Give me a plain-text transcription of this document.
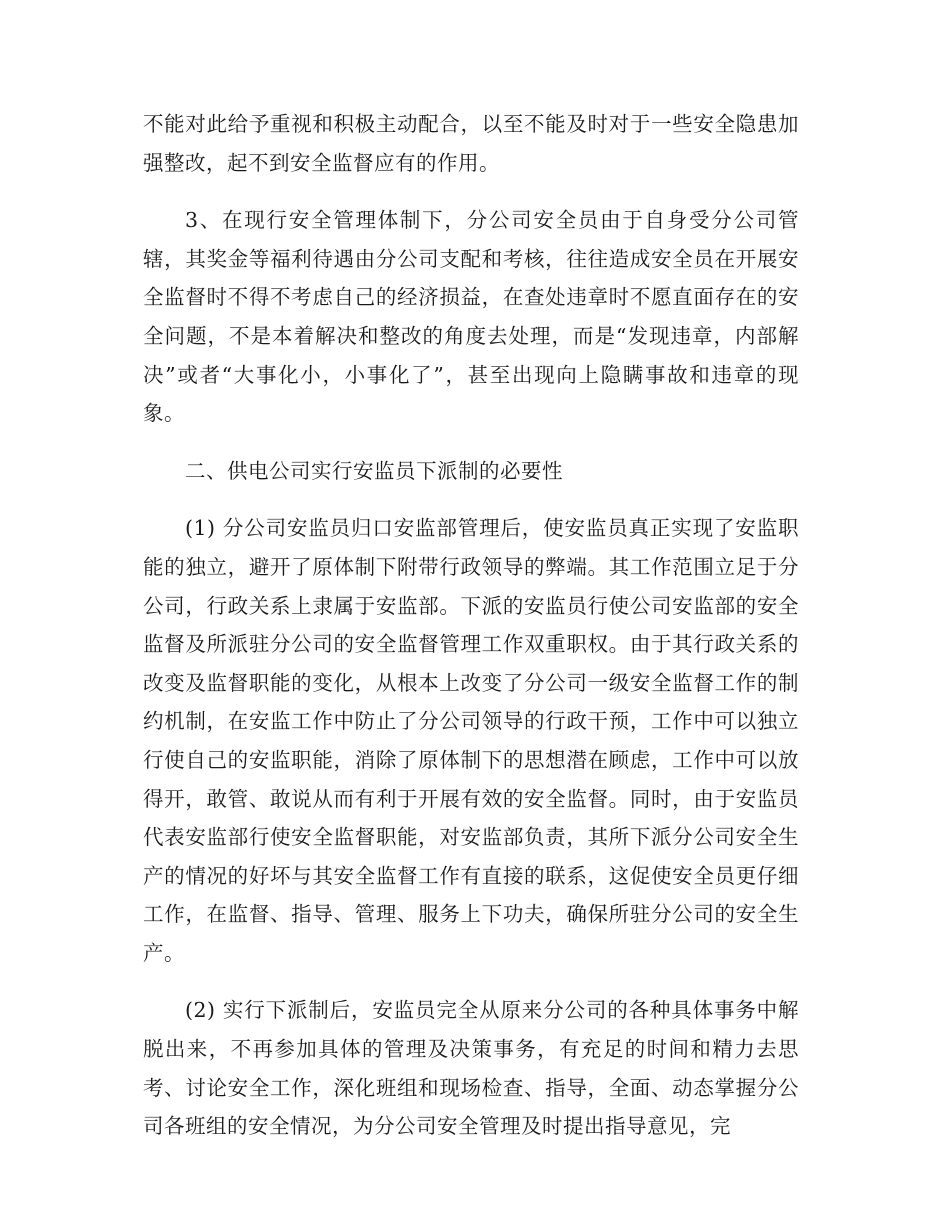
不能对此给予重视和积极主动配合，以至不能及时对于一些安全隐患加强整改，起不到安全监督应有的作用。

3、在现行安全管理体制下，分公司安全员由于自身受分公司管辖，其奖金等福利待遇由分公司支配和考核，往往造成安全员在开展安全监督时不得不考虑自己的经济损益，在查处违章时不愿直面存在的安全问题，不是本着解决和整改的角度去处理，而是“发现违章，内部解决”或者“大事化小，小事化了”，甚至出现向上隐瞒事故和违章的现象。

二、供电公司实行安监员下派制的必要性

(1) 分公司安监员归口安监部管理后，使安监员真正实现了安监职能的独立，避开了原体制下附带行政领导的弊端。其工作范围立足于分公司，行政关系上隶属于安监部。下派的安监员行使公司安监部的安全监督及所派驻分公司的安全监督管理工作双重职权。由于其行政关系的改变及监督职能的变化，从根本上改变了分公司一级安全监督工作的制约机制，在安监工作中防止了分公司领导的行政干预，工作中可以独立行使自己的安监职能，消除了原体制下的思想潜在顾虑，工作中可以放得开，敢管、敢说从而有利于开展有效的安全监督。同时，由于安监员代表安监部行使安全监督职能，对安监部负责，其所下派分公司安全生产的情况的好坏与其安全监督工作有直接的联系，这促使安全员更仔细工作，在监督、指导、管理、服务上下功夫，确保所驻分公司的安全生产。

(2) 实行下派制后，安监员完全从原来分公司的各种具体事务中解脱出来，不再参加具体的管理及决策事务，有充足的时间和精力去思考、讨论安全工作，深化班组和现场检查、指导，全面、动态掌握分公司各班组的安全情况，为分公司安全管理及时提出指导意见，完
